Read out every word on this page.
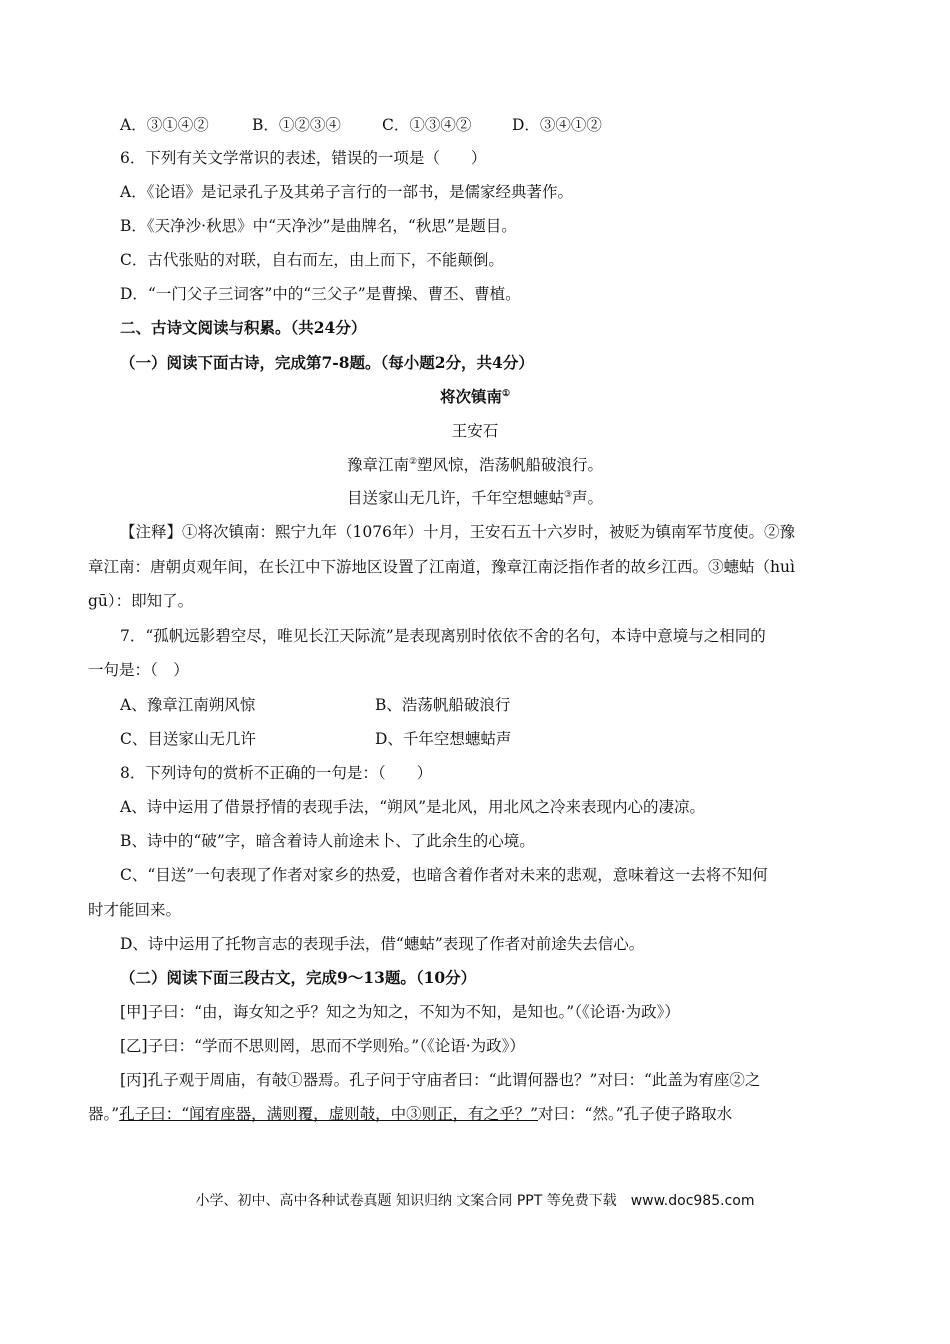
A．③①④②	B．①②③④	C．①③④②	D．③④①②
6．下列有关文学常识的表述，错误的一项是（　　）
A．《论语》是记录孔子及其弟子言行的一部书，是儒家经典著作。
B．《天净沙·秋思》中“天净沙”是曲牌名，“秋思”是题目。
C．古代张贴的对联，自右而左，由上而下，不能颠倒。
D．“一门父子三词客”中的“三父子”是曹操、曹丕、曹植。
二、古诗文阅读与积累。（共24分）
（一）阅读下面古诗，完成第7-8题。（每小题2分，共4分）
将次镇南①
王安石
豫章江南②塑风惊，浩荡帆船破浪行。
目送家山无几许，千年空想蟪蛄③声。
【注释】①将次镇南：熙宁九年（1076年）十月，王安石五十六岁时，被贬为镇南军节度使。②豫
章江南：唐朝贞观年间，在长江中下游地区设置了江南道，豫章江南泛指作者的故乡江西。③蟪蛄（huì
gū）：即知了。
7．“孤帆远影碧空尽，唯见长江天际流”是表现离别时依依不舍的名句，本诗中意境与之相同的
一句是：（　）
A、豫章江南朔风惊	B、浩荡帆船破浪行
C、目送家山无几许	D、千年空想蟪蛄声
8．下列诗句的赏析不正确的一句是：（　　）
A、诗中运用了借景抒情的表现手法，“朔风”是北风，用北风之冷来表现内心的凄凉。
B、诗中的“破”字，暗含着诗人前途未卜、了此余生的心境。
C、“目送”一句表现了作者对家乡的热爱，也暗含着作者对未来的悲观，意味着这一去将不知何
时才能回来。
D、诗中运用了托物言志的表现手法，借“蟪蛄”表现了作者对前途失去信心。
（二）阅读下面三段古文，完成9～13题。（10分）
[甲]子曰：“由，诲女知之乎？知之为知之，不知为不知，是知也。”（《论语·为政》）
[乙]子曰：“学而不思则罔，思而不学则殆。”（《论语·为政》）
[丙]孔子观于周庙，有攲①器焉。孔子问于守庙者曰：“此谓何器也？”对曰：“此盖为宥座②之
器。”孔子曰：“闻宥座器，满则覆，虚则攲，中③则正，有之乎？”对曰：“然。”孔子使子路取水
小学、初中、高中各种试卷真题 知识归纳 文案合同 PPT 等免费下载　www.doc985.com
